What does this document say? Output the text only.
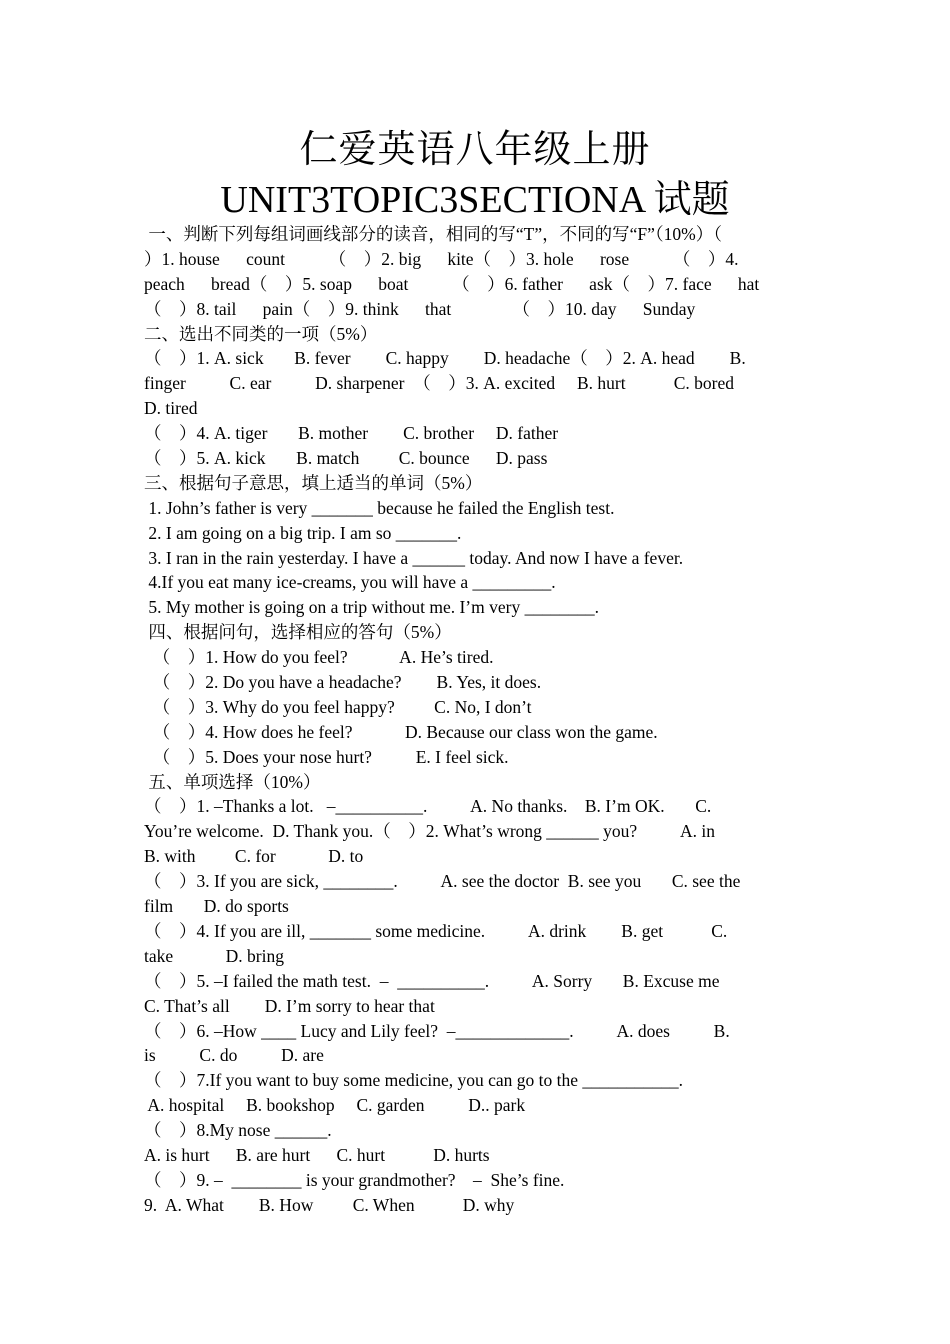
仁爱英语八年级上册
UNIT3TOPIC3SECTIONA 试题
一、判断下列每组词画线部分的读音，相同的写“T”，不同的写“F”（10%）（
）1. house      count          （    ）2. big      kite（    ）3. hole      rose          （    ）4.
peach      bread（    ）5. soap      boat          （    ）6. father      ask（    ）7. face      hat
（    ）8. tail      pain（    ）9. think      that              （    ）10. day      Sunday
二、选出不同类的一项（5%）
（    ）1. A. sick       B. fever        C. happy        D. headache（    ）2. A. head        B.
finger          C. ear          D. sharpener  （    ）3. A. excited     B. hurt           C. bored
D. tired
（    ）4. A. tiger       B. mother        C. brother     D. father
（    ）5. A. kick       B. match         C. bounce      D. pass
三、根据句子意思，填上适当的单词（5%）
1. John’s father is very _______ because he failed the English test.
2. I am going on a big trip. I am so _______.
3. I ran in the rain yesterday. I have a ______ today. And now I have a fever.
4.If you eat many ice-creams, you will have a _________.
5. My mother is going on a trip without me. I’m very ________.
四、根据问句，选择相应的答句（5%）
（    ）1. How do you feel?            A. He’s tired.
（    ）2. Do you have a headache?        B. Yes, it does.
（    ）3. Why do you feel happy?         C. No, I don’t
（    ）4. How does he feel?            D. Because our class won the game.
（    ）5. Does your nose hurt?          E. I feel sick.
五、单项选择（10%）
（    ）1. –Thanks a lot.   –__________.          A. No thanks.    B. I’m OK.       C.
You’re welcome.  D. Thank you.（    ）2. What’s wrong ______ you?          A. in
B. with         C. for            D. to
（    ）3. If you are sick, ________.          A. see the doctor  B. see you       C. see the
film       D. do sports
（    ）4. If you are ill, _______ some medicine.          A. drink        B. get           C.
take            D. bring
（    ）5. –I failed the math test.  –  __________.          A. Sorry       B. Excuse me
C. That’s all        D. I’m sorry to hear that
（    ）6. –How ____ Lucy and Lily feel?  –_____________.          A. does          B.
is          C. do          D. are
（    ）7.If you want to buy some medicine, you can go to the ___________.
A. hospital     B. bookshop     C. garden          D.. park
（    ）8.My nose ______.
A. is hurt      B. are hurt      C. hurt           D. hurts
（    ）9. –  ________ is your grandmother?    –  She’s fine.
9.  A. What        B. How         C. When           D. why
